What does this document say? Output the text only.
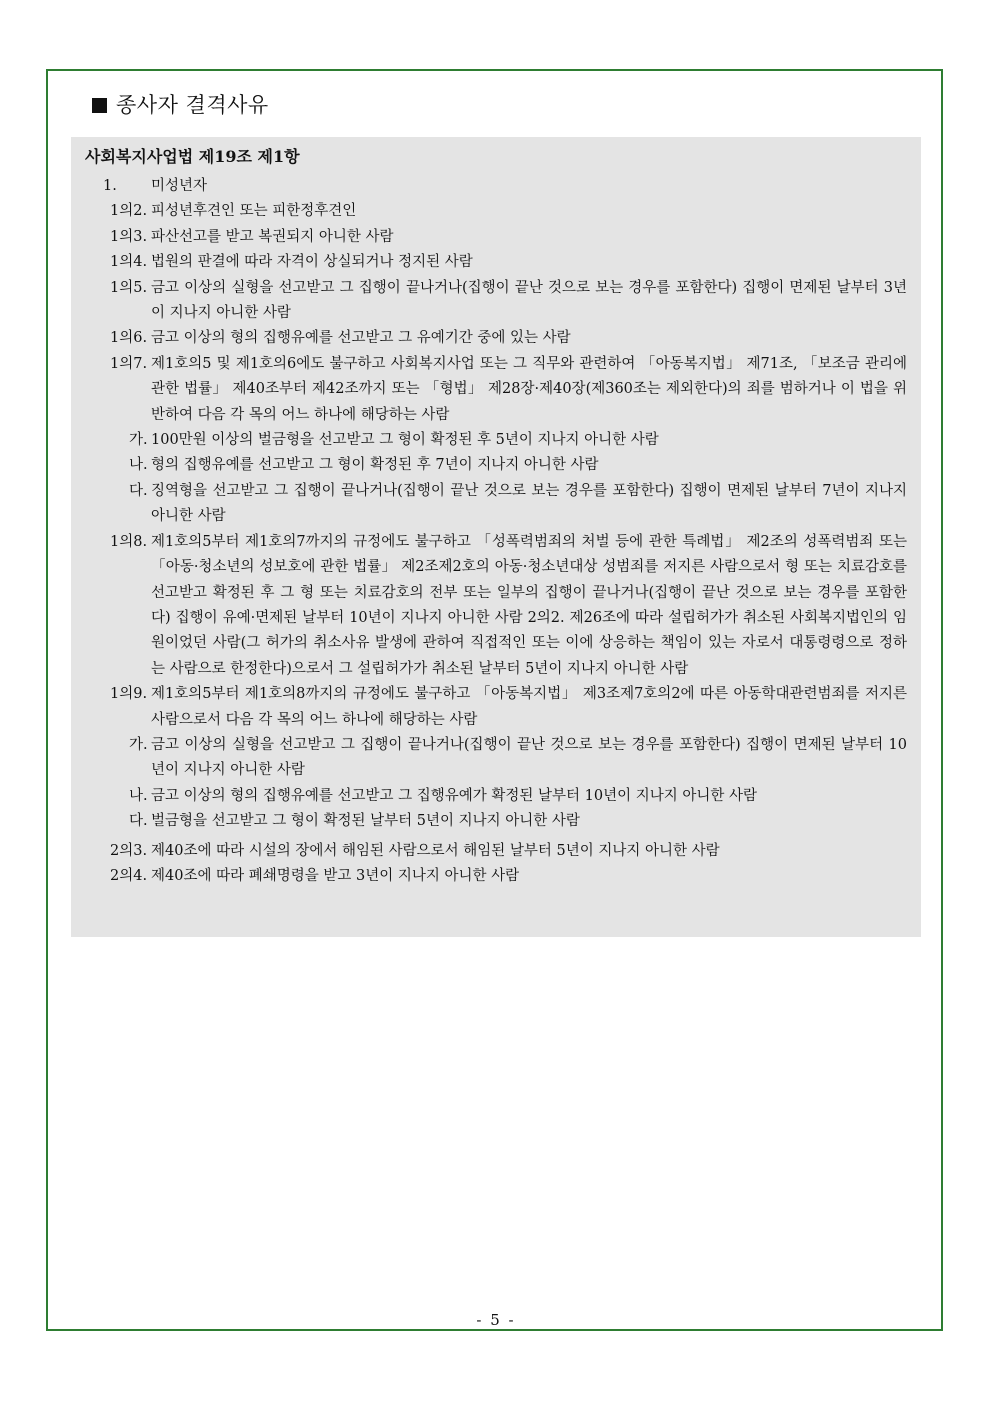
종사자 결격사유
사회복지사업법 제19조 제1항
1. 미성년자
1의2. 피성년후견인 또는 피한정후견인
1의3. 파산선고를 받고 복권되지 아니한 사람
1의4. 법원의 판결에 따라 자격이 상실되거나 정지된 사람
1의5. 금고 이상의 실형을 선고받고 그 집행이 끝나거나(집행이 끝난 것으로 보는 경우를 포함한다) 집행이 면제된 날부터 3년이 지나지 아니한 사람
1의6. 금고 이상의 형의 집행유예를 선고받고 그 유예기간 중에 있는 사람
1의7. 제1호의5 및 제1호의6에도 불구하고 사회복지사업 또는 그 직무와 관련하여 「아동복지법」 제71조, 「보조금 관리에 관한 법률」 제40조부터 제42조까지 또는 「형법」 제28장·제40장(제360조는 제외한다)의 죄를 범하거나 이 법을 위반하여 다음 각 목의 어느 하나에 해당하는 사람
가. 100만원 이상의 벌금형을 선고받고 그 형이 확정된 후 5년이 지나지 아니한 사람
나. 형의 집행유예를 선고받고 그 형이 확정된 후 7년이 지나지 아니한 사람
다. 징역형을 선고받고 그 집행이 끝나거나(집행이 끝난 것으로 보는 경우를 포함한다) 집행이 면제된 날부터 7년이 지나지 아니한 사람
1의8. 제1호의5부터 제1호의7까지의 규정에도 불구하고 「성폭력범죄의 처벌 등에 관한 특례법」 제2조의 성폭력범죄 또는 「아동·청소년의 성보호에 관한 법률」 제2조제2호의 아동·청소년대상 성범죄를 저지른 사람으로서 형 또는 치료감호를 선고받고 확정된 후 그 형 또는 치료감호의 전부 또는 일부의 집행이 끝나거나(집행이 끝난 것으로 보는 경우를 포함한다) 집행이 유예·면제된 날부터 10년이 지나지 아니한 사람 2의2. 제26조에 따라 설립허가가 취소된 사회복지법인의 임원이었던 사람(그 허가의 취소사유 발생에 관하여 직접적인 또는 이에 상응하는 책임이 있는 자로서 대통령령으로 정하는 사람으로 한정한다)으로서 그 설립허가가 취소된 날부터 5년이 지나지 아니한 사람
1의9. 제1호의5부터 제1호의8까지의 규정에도 불구하고 「아동복지법」 제3조제7호의2에 따른 아동학대관련범죄를 저지른 사람으로서 다음 각 목의 어느 하나에 해당하는 사람
가. 금고 이상의 실형을 선고받고 그 집행이 끝나거나(집행이 끝난 것으로 보는 경우를 포함한다) 집행이 면제된 날부터 10년이 지나지 아니한 사람
나. 금고 이상의 형의 집행유예를 선고받고 그 집행유예가 확정된 날부터 10년이 지나지 아니한 사람
다. 벌금형을 선고받고 그 형이 확정된 날부터 5년이 지나지 아니한 사람
2의3. 제40조에 따라 시설의 장에서 해임된 사람으로서 해임된 날부터 5년이 지나지 아니한 사람
2의4. 제40조에 따라 폐쇄명령을 받고 3년이 지나지 아니한 사람
- 5 -
